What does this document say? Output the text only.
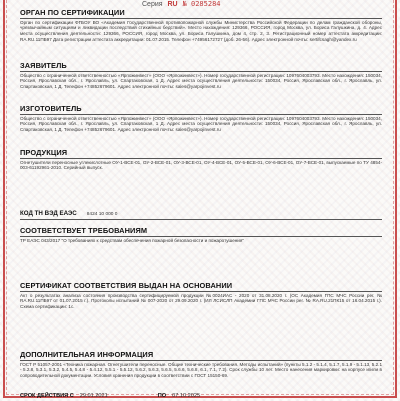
Серия RU № 0285284
ОРГАН ПО СЕРТИФИКАЦИИ
Орган по сертификации ФГБОУ ВО «Академия Государственной противопожарной службы Министерства Российской Федерации по делам гражданской обороны, чрезвычайным ситуациям и ликвидации последствий стихийных бедствий». Место нахождения: 129366, РОССИЯ, город Москва, ул. Бориса Галушкина, д. 4. Адрес места осуществления деятельности: 129366, РОССИЯ, город Москва, ул. Бориса Галушкина, дом 4, стр. 2, 3. Регистрационный номер аттестата аккредитации: RA.RU.11ПБ97 Дата регистрации аттестата аккредитации: 01.07.2015. Телефон +74956172727 (доб. 26-56). Адрес электронной почты: sertifcsagh@yandex.ru
ЗАЯВИТЕЛЬ
Общество с ограниченной ответственностью «Ярпожинвест» (ООО «Ярпожинвест»). Номер государственной регистрации: 1097604003793. Место нахождения: 150034, Россия, Ярославская обл., г. Ярославль, ул. Спартаковская, 1 Д. Адрес места осуществления деятельности: 150034, Россия, Ярославская обл., г. Ярославль, ул. Спартаковская, 1 Д. Телефон +74852679601. Адрес электронной почты: sales@yarpojinvest.ru
ИЗГОТОВИТЕЛЬ
Общество с ограниченной ответственностью «Ярпожинвест» (ООО «Ярпожинвест»). Номер государственной регистрации: 1097604003793. Место нахождения: 150034, Россия, Ярославская обл., г. Ярославль, ул. Спартаковская, 1 Д. Адрес места осуществления деятельности: 150034, Россия, Ярославская обл., г. Ярославль, ул. Спартаковская, 1 Д. Телефон +74852679601. Адрес электронной почты: sales@yarpojinvest.ru
ПРОДУКЦИЯ
Огнетушители переносные углекислотные ОУ-1-ВСЕ-01, ОУ-2-ВСЕ-01, ОУ-3-ВСЕ-01, ОУ-4-ВСЕ-01, ОУ-5-ВСЕ-01, ОУ-6-ВСЕ-01, ОУ-7-ВСЕ-01, выпускаемые по ТУ 4854-003-61192961-2010. Серийный выпуск.
КОД ТН ВЭД ЕАЭС 8424 10 000 0
СООТВЕТСТВУЕТ ТРЕБОВАНИЯМ
ТР ЕАЭС 043/2017 "О требованиях к средствам обеспечения пожарной безопасности и пожаротушения"
СЕРТИФИКАТ СООТВЕТСТВИЯ ВЫДАН НА ОСНОВАНИИ
Акт о результатах анализа состояния производства сертифицируемой продукции №0024ИАС - 2020 от 31.08.2020 г. (ОС Академия ГПС МЧС России рег. № RA.RU.11ПБ97 от 01.07.2015 г.). Протоколы испытаний № 007-2020 от 29.09.2020 г. (ИЛ ЛСИСЛП Академии ГПС МЧС России рег. № RA.RU.21ПК15 от 16.04.2015 г.). Схема сертификации: 1с.
ДОПОЛНИТЕЛЬНАЯ ИНФОРМАЦИЯ
ГОСТ Р 51057-2001 «Техника пожарная. Огнетушители переносные. Общие технические требования. Методы испытаний» (пункты 5.1.2 - 5.1.4, 5.1.7, 5.1.9 - 5.1.13, 5.2.1 - 5.2.8, 5.3.1, 5.3.2, 5.4.5, 5.4.8 - 5.4.12, 5.5.1 - 5.5.12, 5.6.2, 5.6.3, 5.6.5, 5.6.6, 5.6.8, 6.1, 7.1, 7.2). Срок службы 10 лет. Место нанесения маркировки: на корпусе и/или в сопроводительной документации. Условия хранения продукции в соответствии с ГОСТ 15150-69.
СРОК ДЕЙСТВИЯ С 29.01.2021	ПО 07.10.2025
